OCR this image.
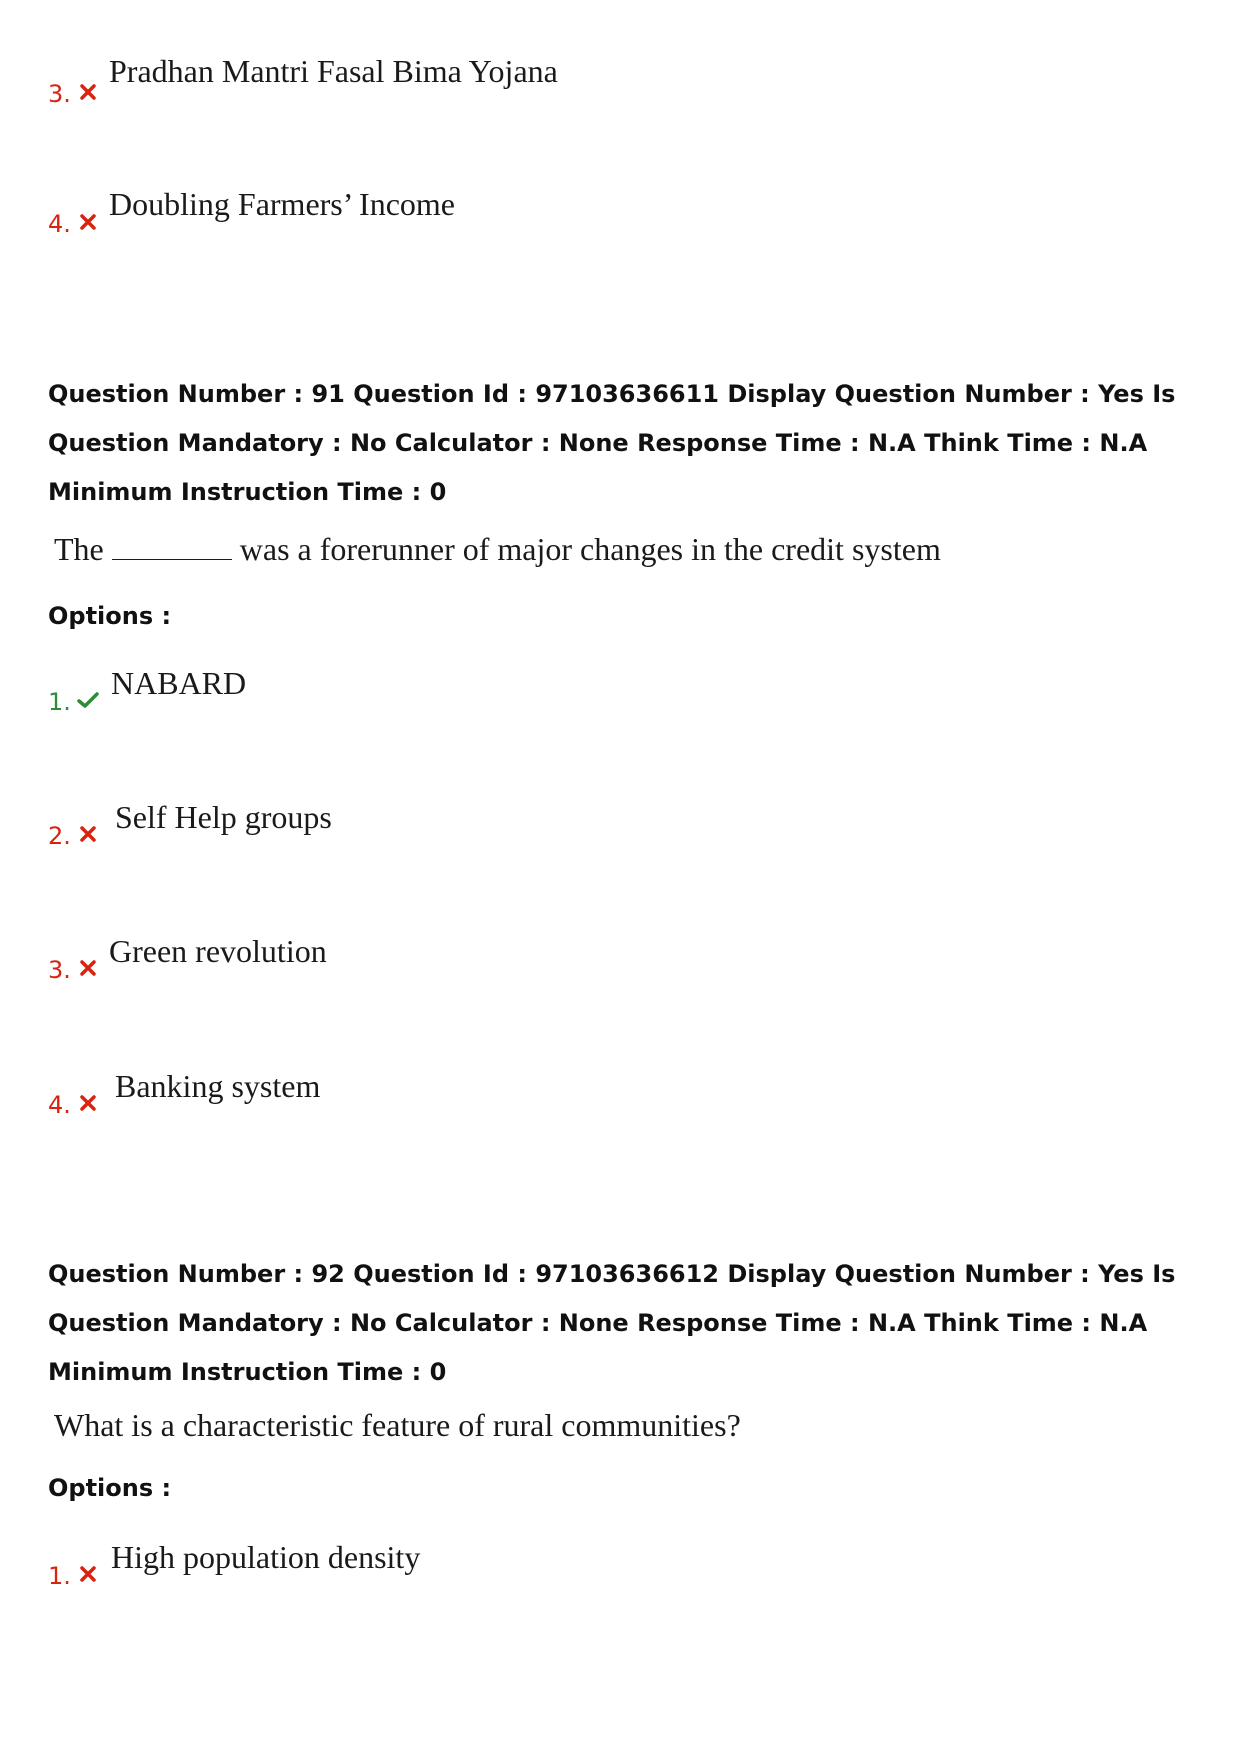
3.
Pradhan Mantri Fasal Bima Yojana
4.
Doubling Farmers’ Income
Question Number : 91 Question Id : 97103636611 Display Question Number : Yes Is Question Mandatory : No Calculator : None Response Time : N.A Think Time : N.A Minimum Instruction Time : 0
The	was a forerunner of major changes in the credit system
Options :
1.
NABARD
2.
Self Help groups
3.
Green revolution
4.
Banking system
Question Number : 92 Question Id : 97103636612 Display Question Number : Yes Is Question Mandatory : No Calculator : None Response Time : N.A Think Time : N.A Minimum Instruction Time : 0
What is a characteristic feature of rural communities?
Options :
1.
High population density
